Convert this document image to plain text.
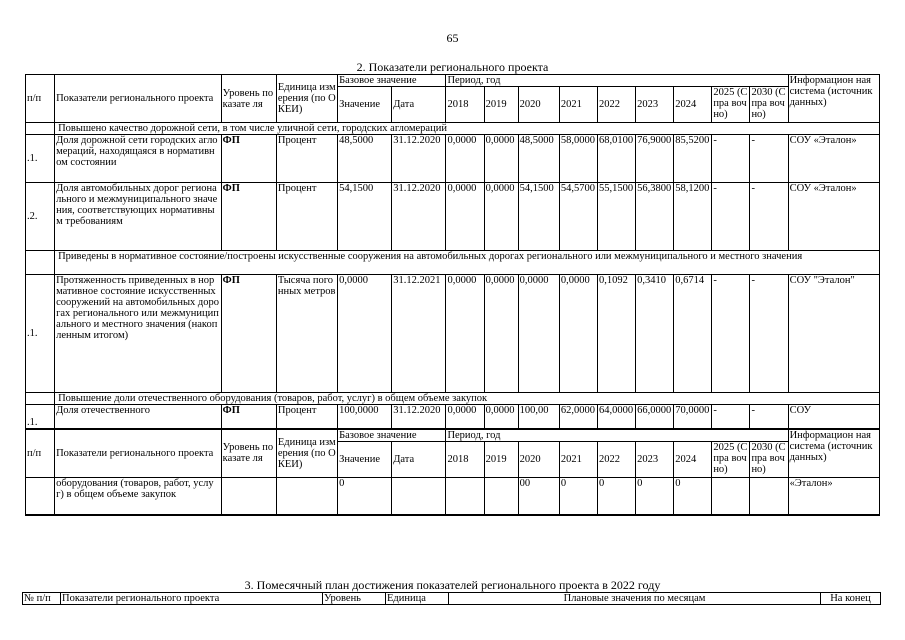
65
2. Показатели регионального проекта
п/п	Показатели регионального проекта	Уровень показате ля	Единица измерения (по ОКЕИ)	Базовое значение		Период, год									Информацион ная система (источник данных)
				Значение	Дата	2018	2019	2020	2021	2022	2023	2024	2025 (Спра вочно)	2030 (Спра вочно)	
	Повышено качество дорожной сети, в том числе уличной сети, городских агломераций														
.1.	Доля дорожной сети городских агломераций, находящаяся в нормативном состоянии	ФП	Процент	48,5000	31.12.2020	0,0000	0,0000	48,5000	58,0000	68,0100	76,9000	85,5200	-	-	СОУ «Эталон»
.2.	Доля автомобильных дорог регионального и межмуниципального значения, соответствующих нормативным требованиям	ФП	Процент	54,1500	31.12.2020	0,0000	0,0000	54,1500	54,5700	55,1500	56,3800	58,1200	-	-	СОУ «Эталон»
	Приведены в нормативное состояние/построены искусственные сооружения на автомобильных дорогах регионального или межмуниципального и местного значения														
.1.	Протяженность приведенных в нормативное состояние искусственных сооружений на автомобильных дорогах регионального или межмуниципального и местного значения (накопленным итогом)	ФП	Тысяча погонных метров	0,0000	31.12.2021	0,0000	0,0000	0,0000	0,0000	0,1092	0,3410	0,6714	-	-	СОУ "Эталон"
	Повышение доли отечественного оборудования (товаров, работ, услуг) в общем объеме закупок														
.1.	Доля отечественного	ФП	Процент	100,0000	31.12.2020	0,0000	0,0000	100,00	62,0000	64,0000	66,0000	70,0000	-	-	СОУ
п/п	Показатели регионального проекта	Уровень показате ля	Единица измерения (по ОКЕИ)	Базовое значение		Период, год									Информацион ная система (источник данных)
				Значение	Дата	2018	2019	2020	2021	2022	2023	2024	2025 (Спра вочно)	2030 (Спра вочно)	
	оборудования (товаров, работ, услуг) в общем объеме закупок			0				00	0	0	0	0			«Эталон»
3. Помесячный план достижения показателей регионального проекта в 2022 году
№ п/п	Показатели регионального проекта	Уровень	Единица	Плановые значения по месяцам	На конец
